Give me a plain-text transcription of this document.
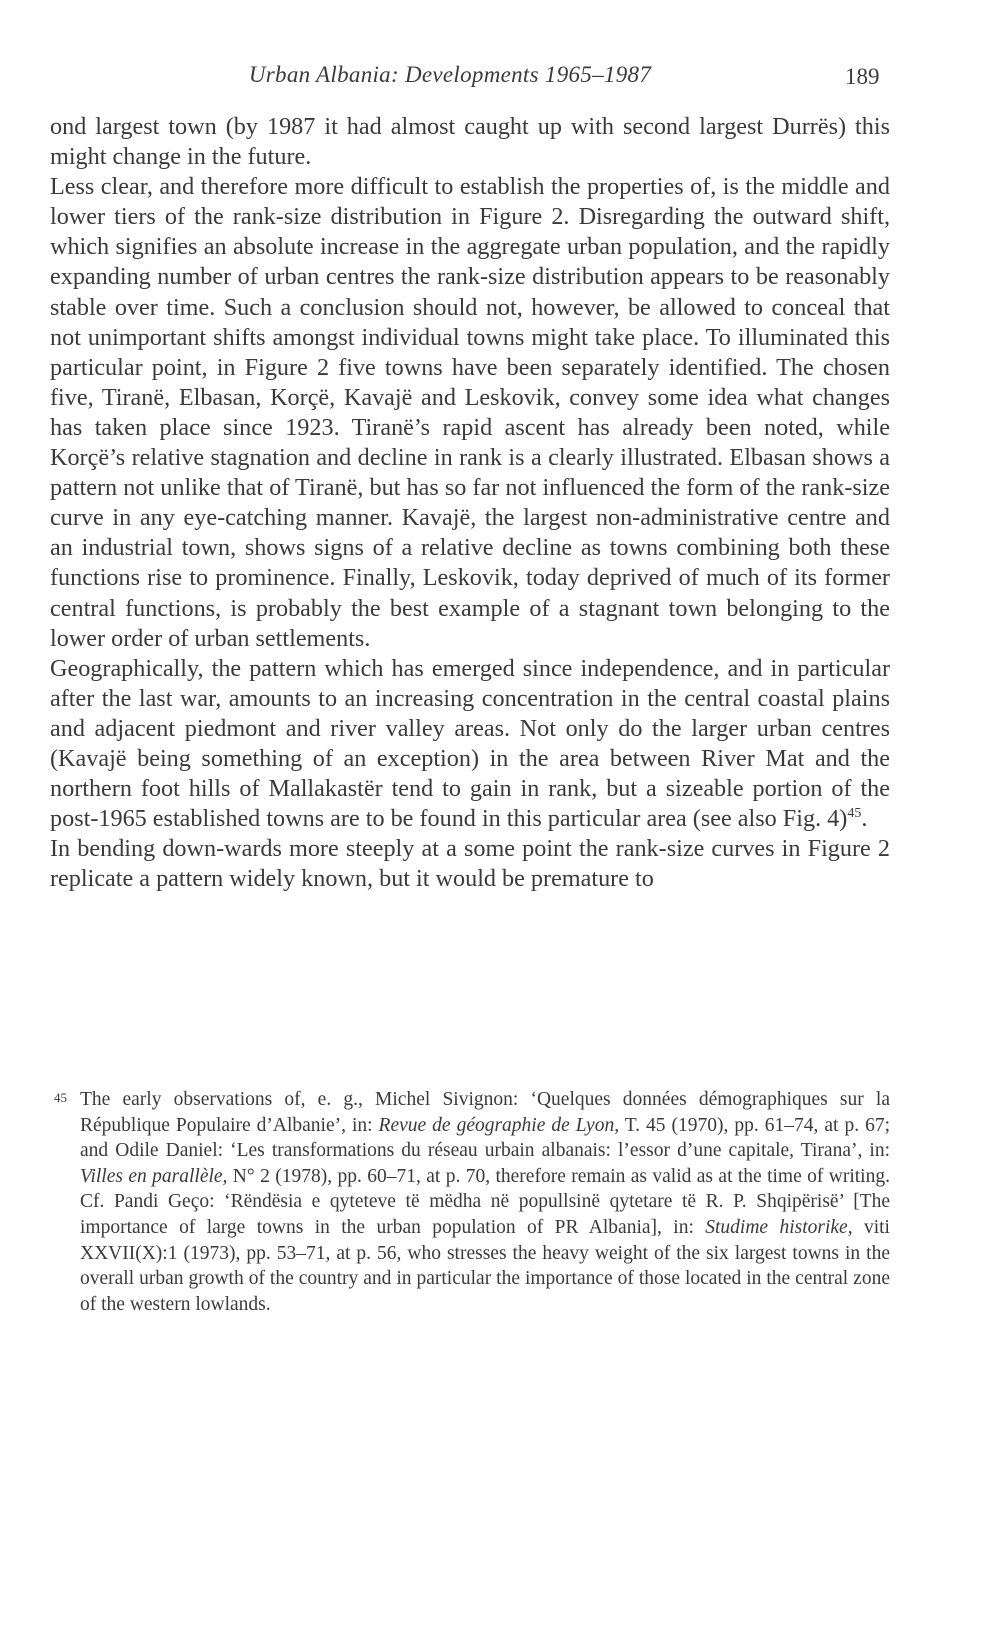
Urban Albania: Developments 1965–1987	189

ond largest town (by 1987 it had almost caught up with second largest Durrës) this might change in the future.

Less clear, and therefore more difficult to establish the properties of, is the middle and lower tiers of the rank-size distribution in Figure 2. Disregarding the outward shift, which signifies an absolute increase in the aggregate urban population, and the rapidly expanding number of urban centres the rank-size distribution appears to be reasonably stable over time. Such a conclusion should not, however, be allowed to conceal that not unimportant shifts amongst individual towns might take place. To illuminated this particular point, in Figure 2 five towns have been separately identified. The chosen five, Tiranë, Elbasan, Korçë, Kavajë and Leskovik, convey some idea what changes has taken place since 1923. Tiranë’s rapid ascent has already been noted, while Korçë’s relative stagnation and decline in rank is a clearly illustrated. Elbasan shows a pattern not unlike that of Tiranë, but has so far not influenced the form of the rank-size curve in any eye-catching manner. Kavajë, the largest non-administrative centre and an industrial town, shows signs of a relative decline as towns combining both these functions rise to prominence. Finally, Leskovik, today deprived of much of its former central functions, is probably the best example of a stagnant town belonging to the lower order of urban settlements.

Geographically, the pattern which has emerged since independence, and in particular after the last war, amounts to an increasing concentration in the central coastal plains and adjacent piedmont and river valley areas. Not only do the larger urban centres (Kavajë being something of an exception) in the area between River Mat and the northern foot hills of Mallakastër tend to gain in rank, but a sizeable portion of the post-1965 established towns are to be found in this particular area (see also Fig. 4)$^{45}$.

In bending down-wards more steeply at a some point the rank-size curves in Figure 2 replicate a pattern widely known, but it would be premature to

45 The early observations of, e. g., Michel Sivignon: ‘Quelques données démographiques sur la République Populaire d’Albanie’, in: Revue de géographie de Lyon, T. 45 (1970), pp. 61–74, at p. 67; and Odile Daniel: ‘Les transformations du réseau urbain albanais: l’essor d’une capitale, Tirana’, in: Villes en parallèle, N° 2 (1978), pp. 60–71, at p. 70, therefore remain as valid as at the time of writing. Cf. Pandi Geço: ‘Rëndësia e qyteteve të mëdha në popullsinë qytetare të R. P. Shqipërisë’ [The importance of large towns in the urban population of PR Albania], in: Studime historike, viti XXVII(X):1 (1973), pp. 53–71, at p. 56, who stresses the heavy weight of the six largest towns in the overall urban growth of the country and in particular the importance of those located in the central zone of the western lowlands.
